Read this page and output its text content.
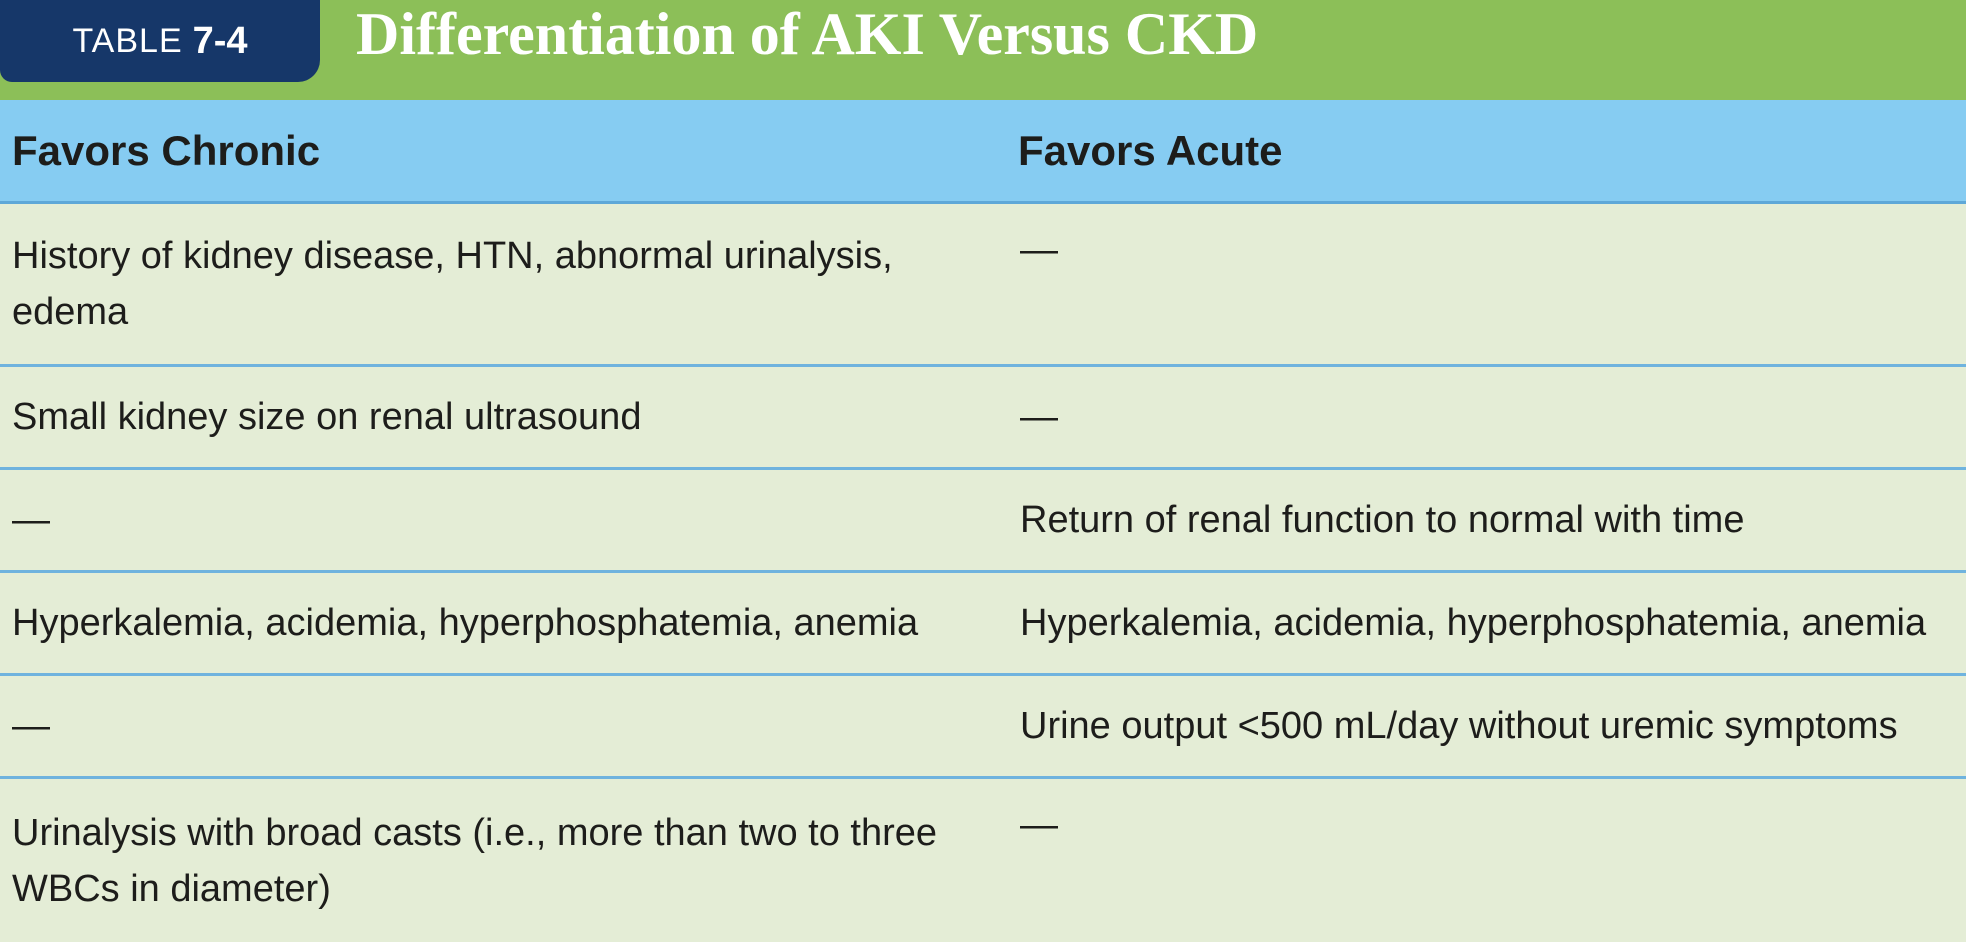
TABLE 7-4 Differentiation of AKI Versus CKD
Favors Chronic	Favors Acute
History of kidney disease, HTN, abnormal urinalysis, edema	—
Small kidney size on renal ultrasound	—
—	Return of renal function to normal with time
Hyperkalemia, acidemia, hyperphosphatemia, anemia	Hyperkalemia, acidemia, hyperphosphatemia, anemia
—	Urine output <500 mL/day without uremic symptoms
Urinalysis with broad casts (i.e., more than two to three WBCs in diameter)	—
